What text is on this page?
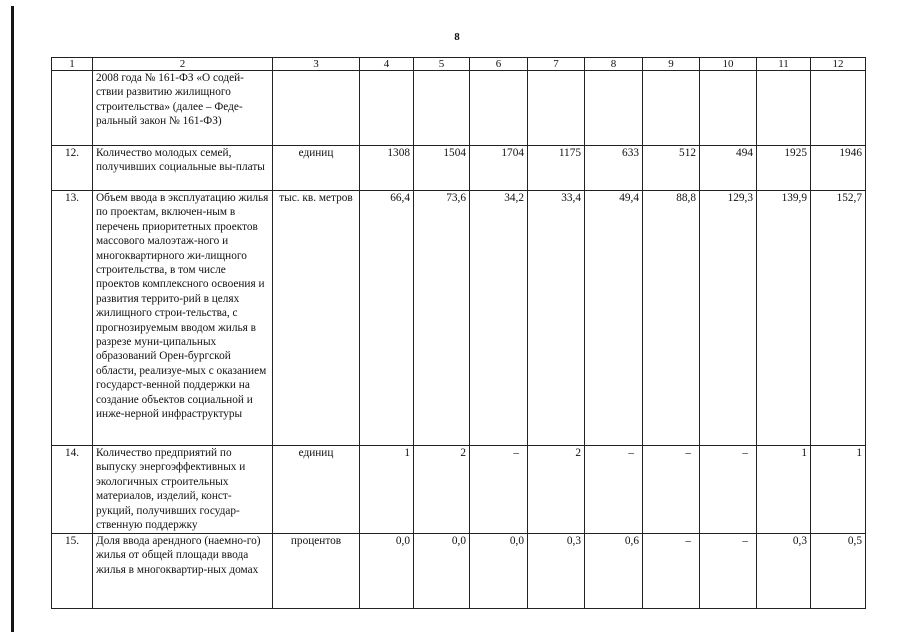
8
1	2	3	4	5	6	7	8	9	10	11	12
	2008 года № 161-ФЗ «О содей-ствии развитию жилищного строительства» (далее – Феде-ральный закон № 161-ФЗ)										
12.	Количество молодых семей, получивших социальные вы-платы	единиц	1308	1504	1704	1175	633	512	494	1925	1946
13.	Объем ввода в эксплуатацию жилья по проектам, включен-ным в перечень приоритетных проектов массового малоэтаж-ного и многоквартирного жи-лищного строительства, в том числе проектов комплексного освоения и развития террито-рий в целях жилищного строи-тельства, с прогнозируемым вводом жилья в разрезе муни-ципальных образований Орен-бургской области, реализуе-мых с оказанием государст-венной поддержки на создание объектов социальной и инже-нерной инфраструктуры	тыс. кв. метров	66,4	73,6	34,2	33,4	49,4	88,8	129,3	139,9	152,7
14.	Количество предприятий по выпуску энергоэффективных и экологичных строительных материалов, изделий, конст-рукций, получивших государ-ственную поддержку	единиц	1	2	–	2	–	–	–	1	1
15.	Доля ввода арендного (наемно-го) жилья от общей площади ввода жилья в многоквартир-ных домах	процентов	0,0	0,0	0,0	0,3	0,6	–	–	0,3	0,5
